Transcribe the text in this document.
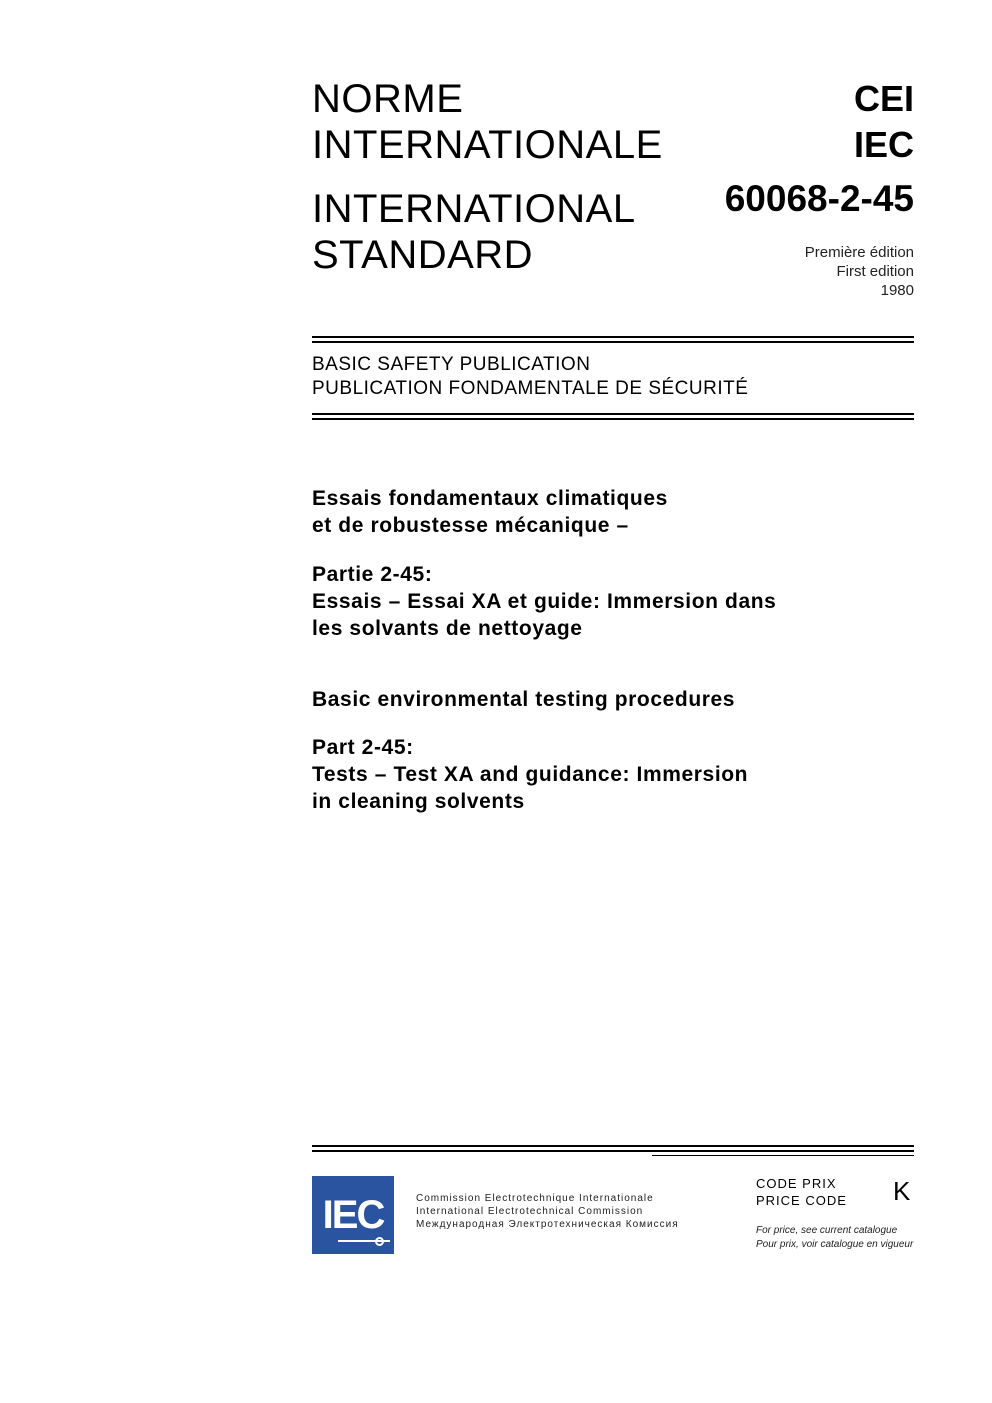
NORME
INTERNATIONALE
INTERNATIONAL
STANDARD
CEI
IEC
60068-2-45
Première édition
First edition
1980
BASIC SAFETY PUBLICATION
PUBLICATION FONDAMENTALE DE SÉCURITÉ
Essais fondamentaux climatiques
et de robustesse mécanique –
Partie 2-45:
Essais – Essai XA et guide: Immersion dans
les solvants de nettoyage
Basic environmental testing procedures
Part 2-45:
Tests – Test XA and guidance: Immersion
in cleaning solvents
IEC	Commission Electrotechnique Internationale
International Electrotechnical Commission
Международная Электротехническая Комиссия
CODE PRIX
PRICE CODE K
For price, see current catalogue
Pour prix, voir catalogue en vigueur
